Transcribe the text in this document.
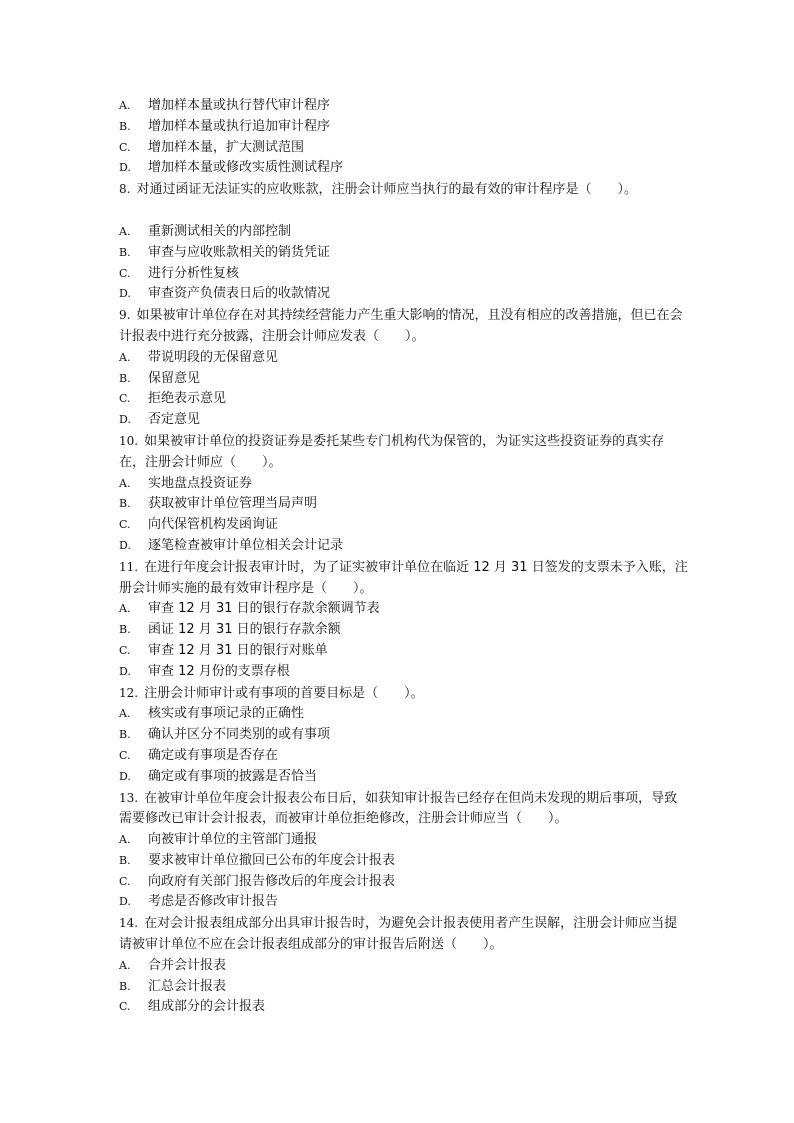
A. 增加样本量或执行替代审计程序
B. 增加样本量或执行追加审计程序
C. 增加样本量，扩大测试范围
D. 增加样本量或修改实质性测试程序
8. 对通过函证无法证实的应收账款，注册会计师应当执行的最有效的审计程序是（　　）。
A. 重新测试相关的内部控制
B. 审查与应收账款相关的销货凭证
C. 进行分析性复核
D. 审查资产负债表日后的收款情况
9. 如果被审计单位存在对其持续经营能力产生重大影响的情况，且没有相应的改善措施，但已在会计报表中进行充分披露，注册会计师应发表（　　）。
A. 带说明段的无保留意见
B. 保留意见
C. 拒绝表示意见
D. 否定意见
10. 如果被审计单位的投资证券是委托某些专门机构代为保管的，为证实这些投资证券的真实存在，注册会计师应（　　）。
A. 实地盘点投资证券
B. 获取被审计单位管理当局声明
C. 向代保管机构发函询证
D. 逐笔检查被审计单位相关会计记录
11. 在进行年度会计报表审计时，为了证实被审计单位在临近 12 月 31 日签发的支票未予入账，注册会计师实施的最有效审计程序是（　　）。
A. 审查 12 月 31 日的银行存款余额调节表
B. 函证 12 月 31 日的银行存款余额
C. 审查 12 月 31 日的银行对账单
D. 审查 12 月份的支票存根
12. 注册会计师审计或有事项的首要目标是（　　）。
A. 核实或有事项记录的正确性
B. 确认并区分不同类别的或有事项
C. 确定或有事项是否存在
D. 确定或有事项的披露是否恰当
13. 在被审计单位年度会计报表公布日后，如获知审计报告已经存在但尚未发现的期后事项，导致需要修改已审计会计报表，而被审计单位拒绝修改，注册会计师应当（　　）。
A. 向被审计单位的主管部门通报
B. 要求被审计单位撤回已公布的年度会计报表
C. 向政府有关部门报告修改后的年度会计报表
D. 考虑是否修改审计报告
14. 在对会计报表组成部分出具审计报告时，为避免会计报表使用者产生误解，注册会计师应当提请被审计单位不应在会计报表组成部分的审计报告后附送（　　）。
A. 合并会计报表
B. 汇总会计报表
C. 组成部分的会计报表
